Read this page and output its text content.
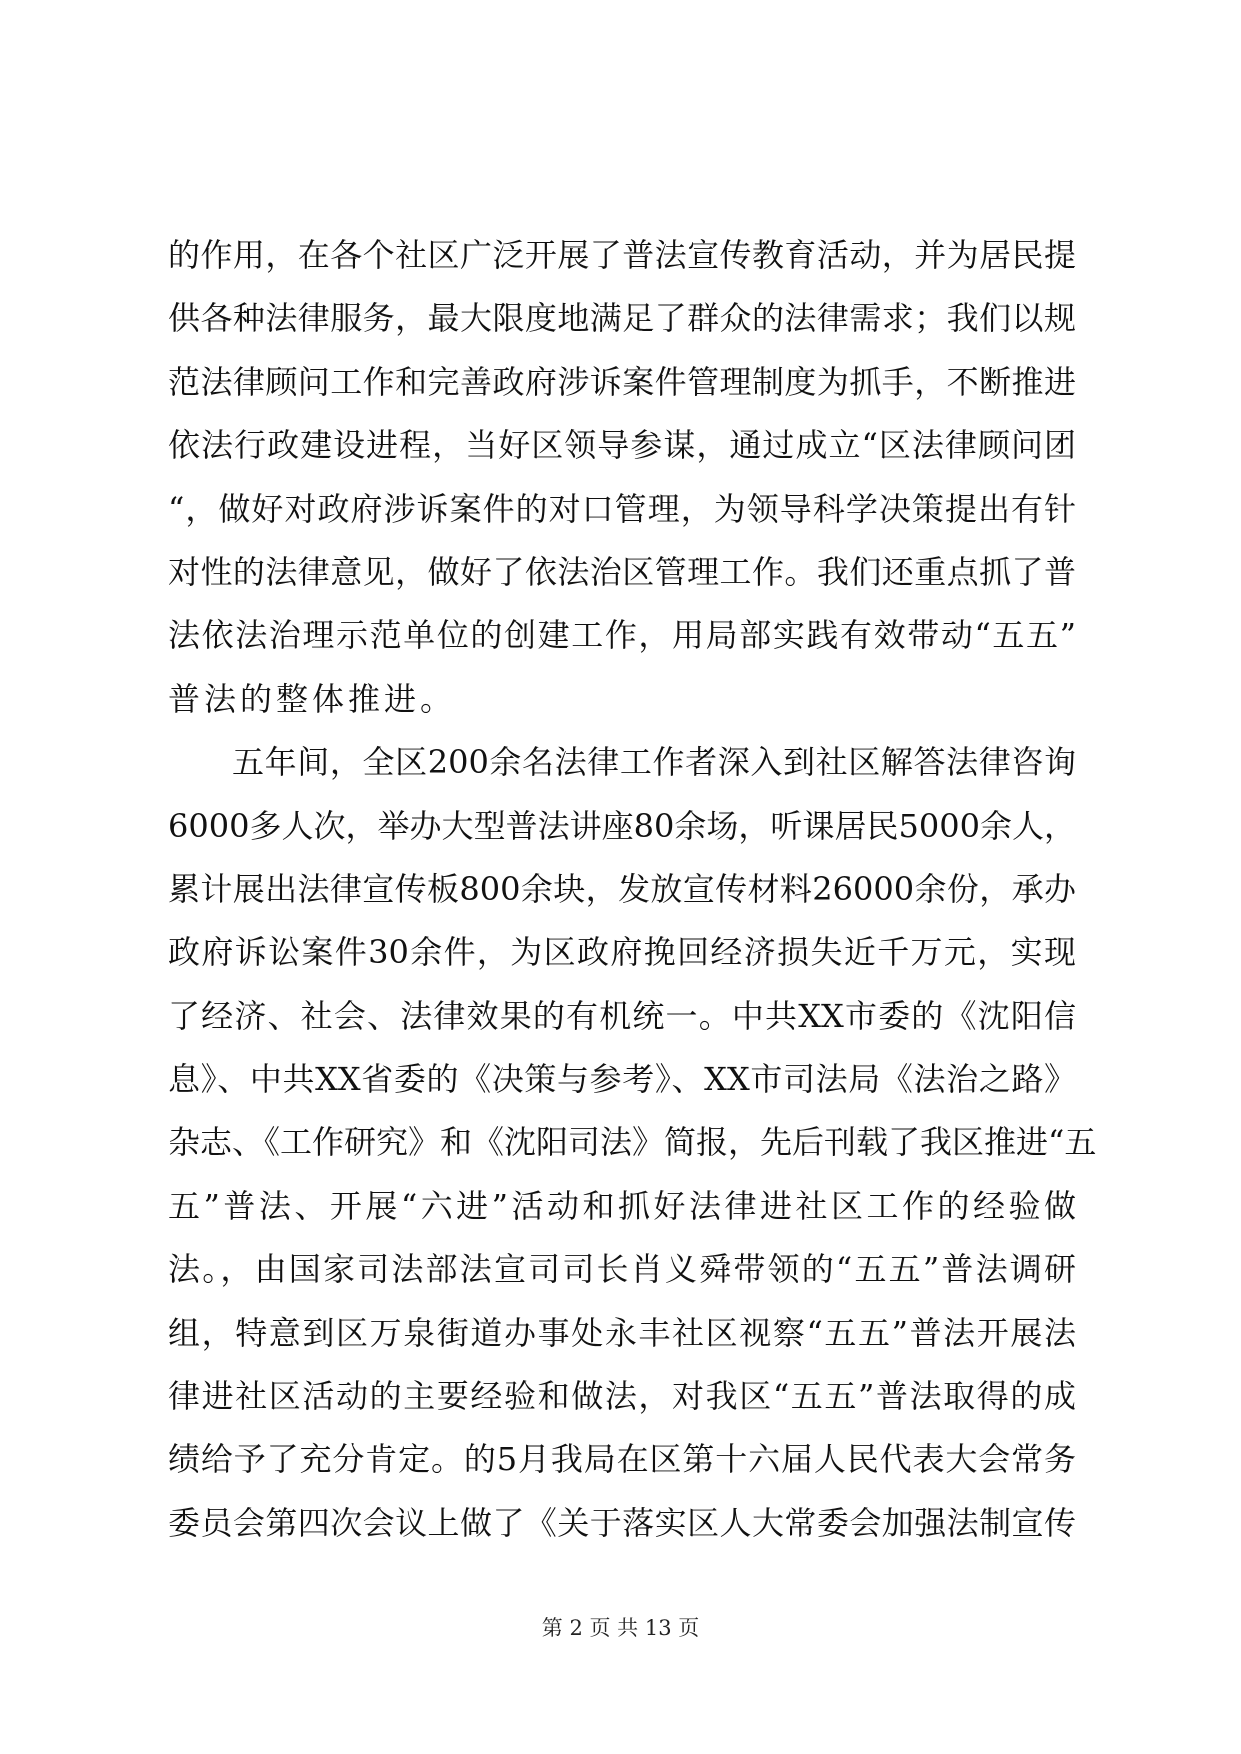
的作用，在各个社区广泛开展了普法宣传教育活动，并为居民提
供各种法律服务，最大限度地满足了群众的法律需求；我们以规
范法律顾问工作和完善政府涉诉案件管理制度为抓手，不断推进
依法行政建设进程，当好区领导参谋，通过成立“区法律顾问团
“，做好对政府涉诉案件的对口管理，为领导科学决策提出有针
对性的法律意见，做好了依法治区管理工作。我们还重点抓了普
法依法治理示范单位的创建工作，用局部实践有效带动“五五”
普法的整体推进。
五年间，全区200余名法律工作者深入到社区解答法律咨询
6000多人次，举办大型普法讲座80余场，听课居民5000余人，
累计展出法律宣传板800余块，发放宣传材料26000余份，承办
政府诉讼案件30余件，为区政府挽回经济损失近千万元，实现
了经济、社会、法律效果的有机统一。中共XX市委的《沈阳信
息》、中共XX省委的《决策与参考》、XX市司法局《法治之路》
杂志、《工作研究》和《沈阳司法》简报，先后刊载了我区推进“五
五”普法、开展“六进”活动和抓好法律进社区工作的经验做
法。，由国家司法部法宣司司长肖义舜带领的“五五”普法调研
组，特意到区万泉街道办事处永丰社区视察“五五”普法开展法
律进社区活动的主要经验和做法，对我区“五五”普法取得的成
绩给予了充分肯定。的5月我局在区第十六届人民代表大会常务
委员会第四次会议上做了《关于落实区人大常委会加强法制宣传
第 2 页 共 13 页
